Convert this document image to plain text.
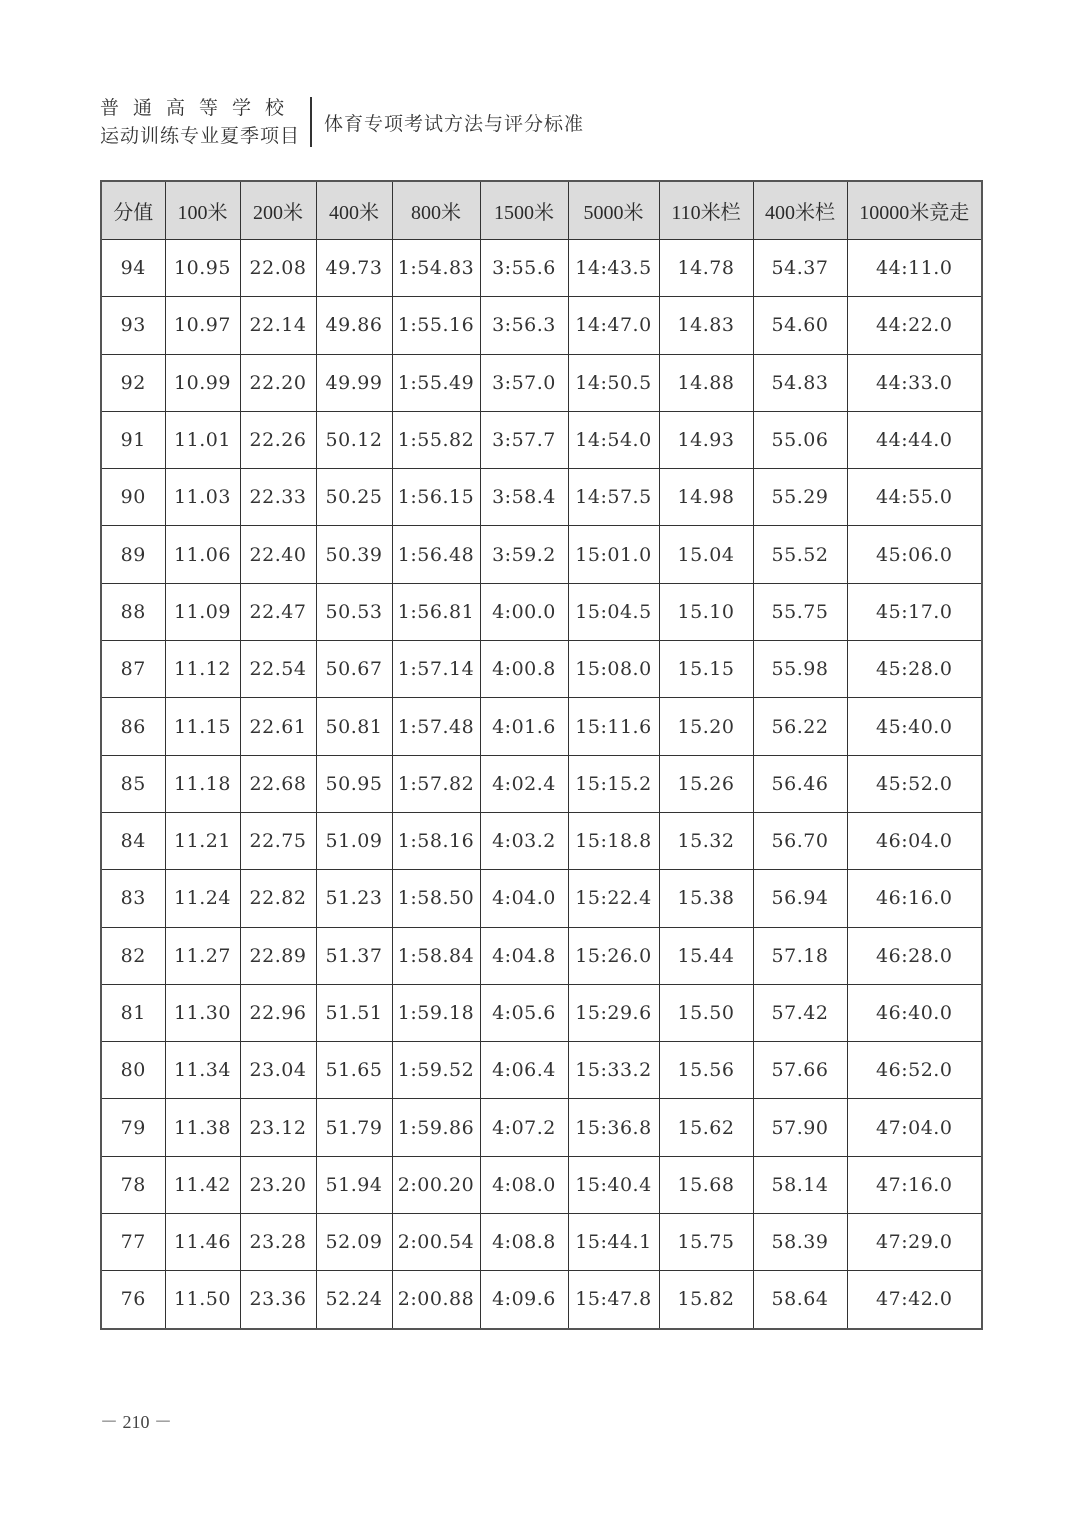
普通高等学校
运动训练专业夏季项目
体育专项考试方法与评分标准
分值	100米	200米	400米	800米	1500米	5000米	110米栏	400米栏	10000米竞走
94	10.95	22.08	49.73	1:54.83	3:55.6	14:43.5	14.78	54.37	44:11.0
93	10.97	22.14	49.86	1:55.16	3:56.3	14:47.0	14.83	54.60	44:22.0
92	10.99	22.20	49.99	1:55.49	3:57.0	14:50.5	14.88	54.83	44:33.0
91	11.01	22.26	50.12	1:55.82	3:57.7	14:54.0	14.93	55.06	44:44.0
90	11.03	22.33	50.25	1:56.15	3:58.4	14:57.5	14.98	55.29	44:55.0
89	11.06	22.40	50.39	1:56.48	3:59.2	15:01.0	15.04	55.52	45:06.0
88	11.09	22.47	50.53	1:56.81	4:00.0	15:04.5	15.10	55.75	45:17.0
87	11.12	22.54	50.67	1:57.14	4:00.8	15:08.0	15.15	55.98	45:28.0
86	11.15	22.61	50.81	1:57.48	4:01.6	15:11.6	15.20	56.22	45:40.0
85	11.18	22.68	50.95	1:57.82	4:02.4	15:15.2	15.26	56.46	45:52.0
84	11.21	22.75	51.09	1:58.16	4:03.2	15:18.8	15.32	56.70	46:04.0
83	11.24	22.82	51.23	1:58.50	4:04.0	15:22.4	15.38	56.94	46:16.0
82	11.27	22.89	51.37	1:58.84	4:04.8	15:26.0	15.44	57.18	46:28.0
81	11.30	22.96	51.51	1:59.18	4:05.6	15:29.6	15.50	57.42	46:40.0
80	11.34	23.04	51.65	1:59.52	4:06.4	15:33.2	15.56	57.66	46:52.0
79	11.38	23.12	51.79	1:59.86	4:07.2	15:36.8	15.62	57.90	47:04.0
78	11.42	23.20	51.94	2:00.20	4:08.0	15:40.4	15.68	58.14	47:16.0
77	11.46	23.28	52.09	2:00.54	4:08.8	15:44.1	15.75	58.39	47:29.0
76	11.50	23.36	52.24	2:00.88	4:09.6	15:47.8	15.82	58.64	47:42.0
－ 210 －
